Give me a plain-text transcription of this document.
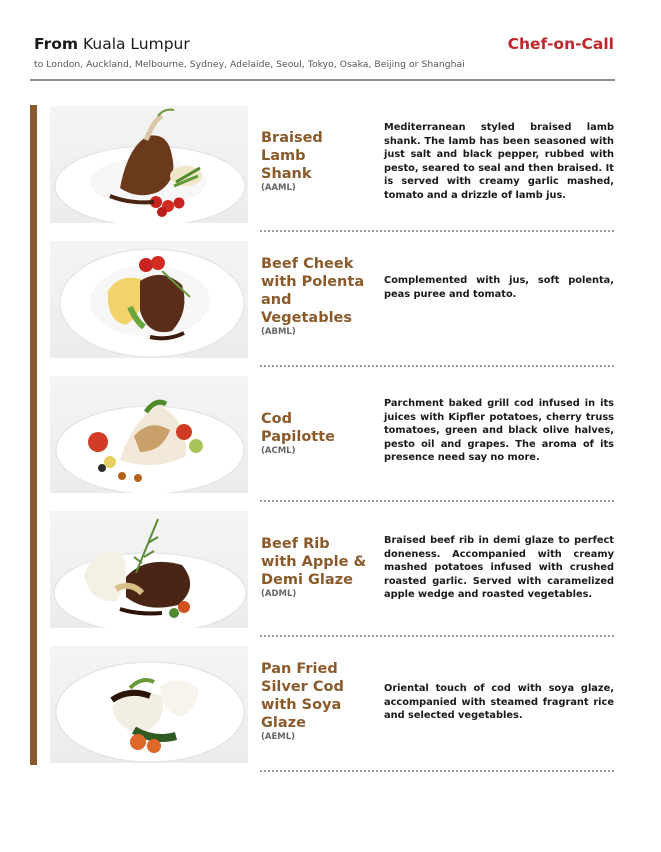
From Kuala Lumpur	Chef-on-Call
to London, Auckland, Melbourne, Sydney, Adelaide, Seoul, Tokyo, Osaka, Beijing or Shanghai
Braised
Lamb
Shank
(AAML)
Mediterranean styled braised lamb shank. The lamb has been seasoned with just salt and black pepper, rubbed with pesto, seared to seal and then braised. It is served with creamy garlic mashed, tomato and a drizzle of lamb jus.
Beef Cheek
with Polenta
and
Vegetables
(ABML)
Complemented with jus, soft polenta, peas puree and tomato.
Cod
Papilotte
(ACML)
Parchment baked grill cod infused in its juices with Kipfler potatoes, cherry truss tomatoes, green and black olive halves, pesto oil and grapes. The aroma of its presence need say no more.
Beef Rib
with Apple &
Demi Glaze
(ADML)
Braised beef rib in demi glaze to perfect doneness. Accompanied with creamy mashed potatoes infused with crushed roasted garlic. Served with caramelized apple wedge and roasted vegetables.
Pan Fried
Silver Cod
with Soya
Glaze
(AEML)
Oriental touch of cod with soya glaze, accompanied with steamed fragrant rice and selected vegetables.
